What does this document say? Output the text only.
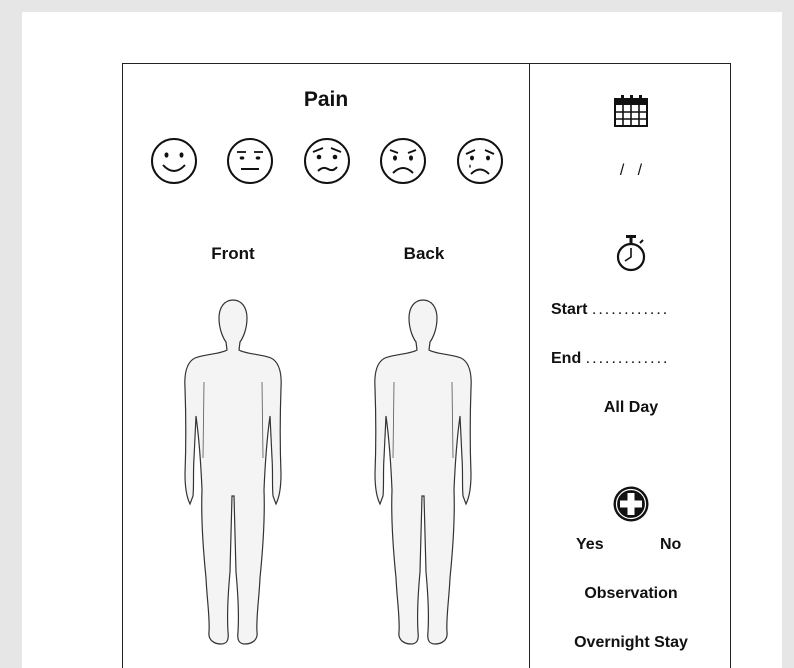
Pain
Front	Back
/   /
Start ............
End .............
All Day
Yes	No
Observation
Overnight Stay
